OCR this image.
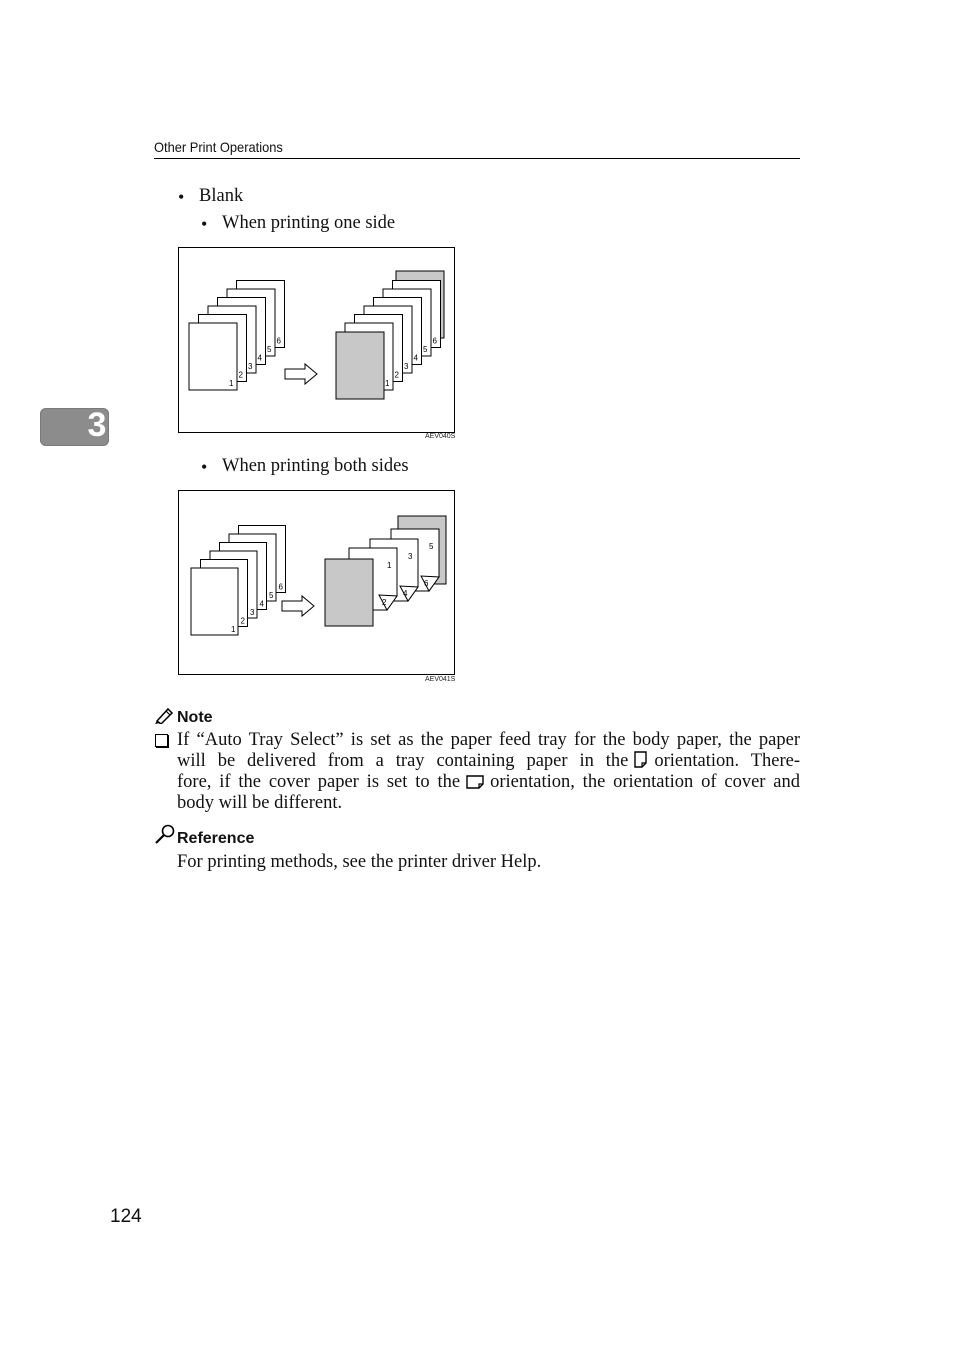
Other Print Operations
3
• Blank
• When printing one side
6
5
4
3
2
1
6
5
4
3
2
1
AEV040S
• When printing both sides
6
5
4
3
2
1
5
6
3
4
1
2
AEV041S
Note
If “Auto Tray Select” is set as the paper feed tray for the body paper, the paper
will be delivered from a tray containing paper in the orientation. There-
fore, if the cover paper is set to the orientation, the orientation of cover and
body will be different.
Reference
For printing methods, see the printer driver Help.
124
